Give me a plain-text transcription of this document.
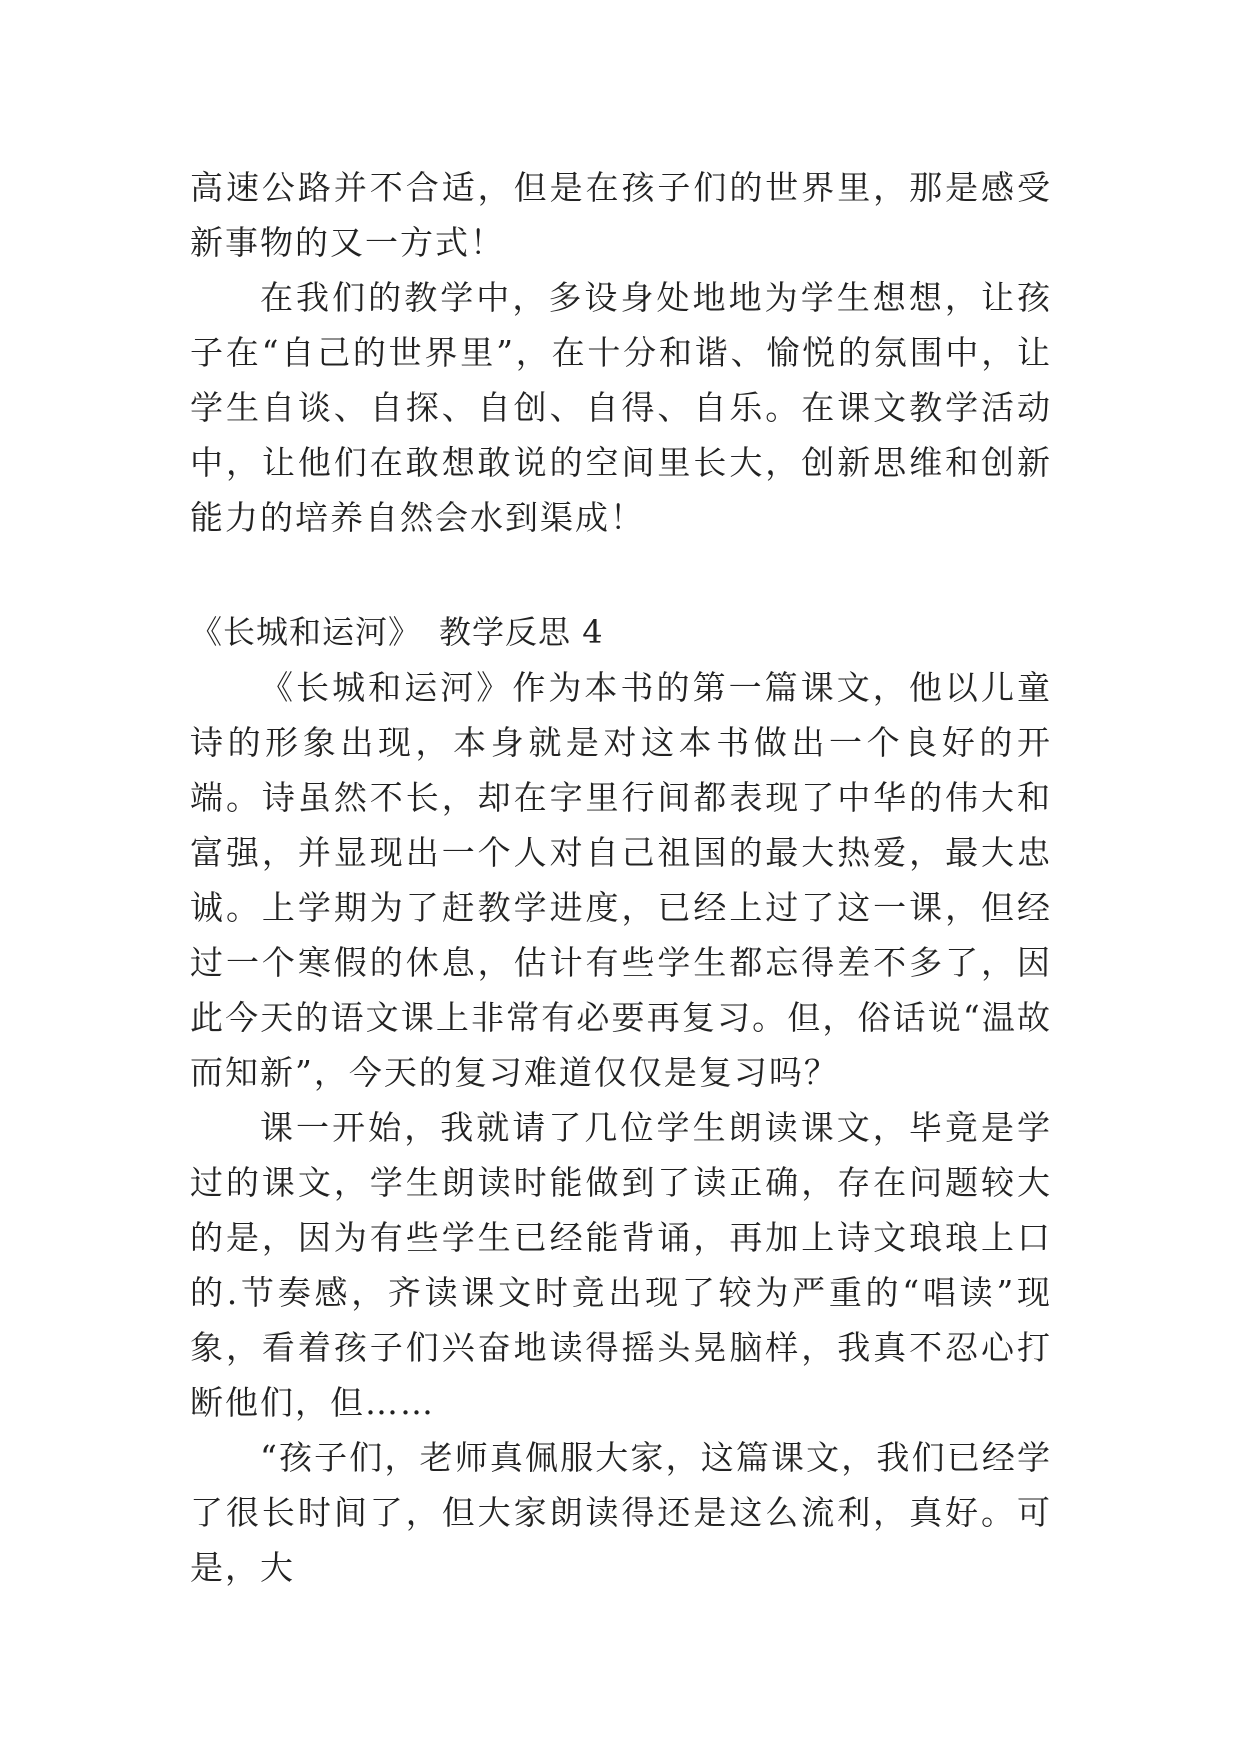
高速公路并不合适，但是在孩子们的世界里，那是感受新事物的又一方式！

在我们的教学中，多设身处地地为学生想想，让孩子在“自己的世界里”，在十分和谐、愉悦的氛围中，让学生自谈、自探、自创、自得、自乐。在课文教学活动中，让他们在敢想敢说的空间里长大，创新思维和创新能力的培养自然会水到渠成！

《长城和运河》 教学反思 4

《长城和运河》作为本书的第一篇课文，他以儿童诗的形象出现，本身就是对这本书做出一个良好的开端。诗虽然不长，却在字里行间都表现了中华的伟大和富强，并显现出一个人对自己祖国的最大热爱，最大忠诚。上学期为了赶教学进度，已经上过了这一课，但经过一个寒假的休息，估计有些学生都忘得差不多了，因此今天的语文课上非常有必要再复习。但，俗话说“温故而知新”，今天的复习难道仅仅是复习吗？

课一开始，我就请了几位学生朗读课文，毕竟是学过的课文，学生朗读时能做到了读正确，存在问题较大的是，因为有些学生已经能背诵，再加上诗文琅琅上口的.节奏感，齐读课文时竟出现了较为严重的“唱读”现象，看着孩子们兴奋地读得摇头晃脑样，我真不忍心打断他们，但……

“孩子们，老师真佩服大家，这篇课文，我们已经学了很长时间了，但大家朗读得还是这么流利，真好。可是，大
